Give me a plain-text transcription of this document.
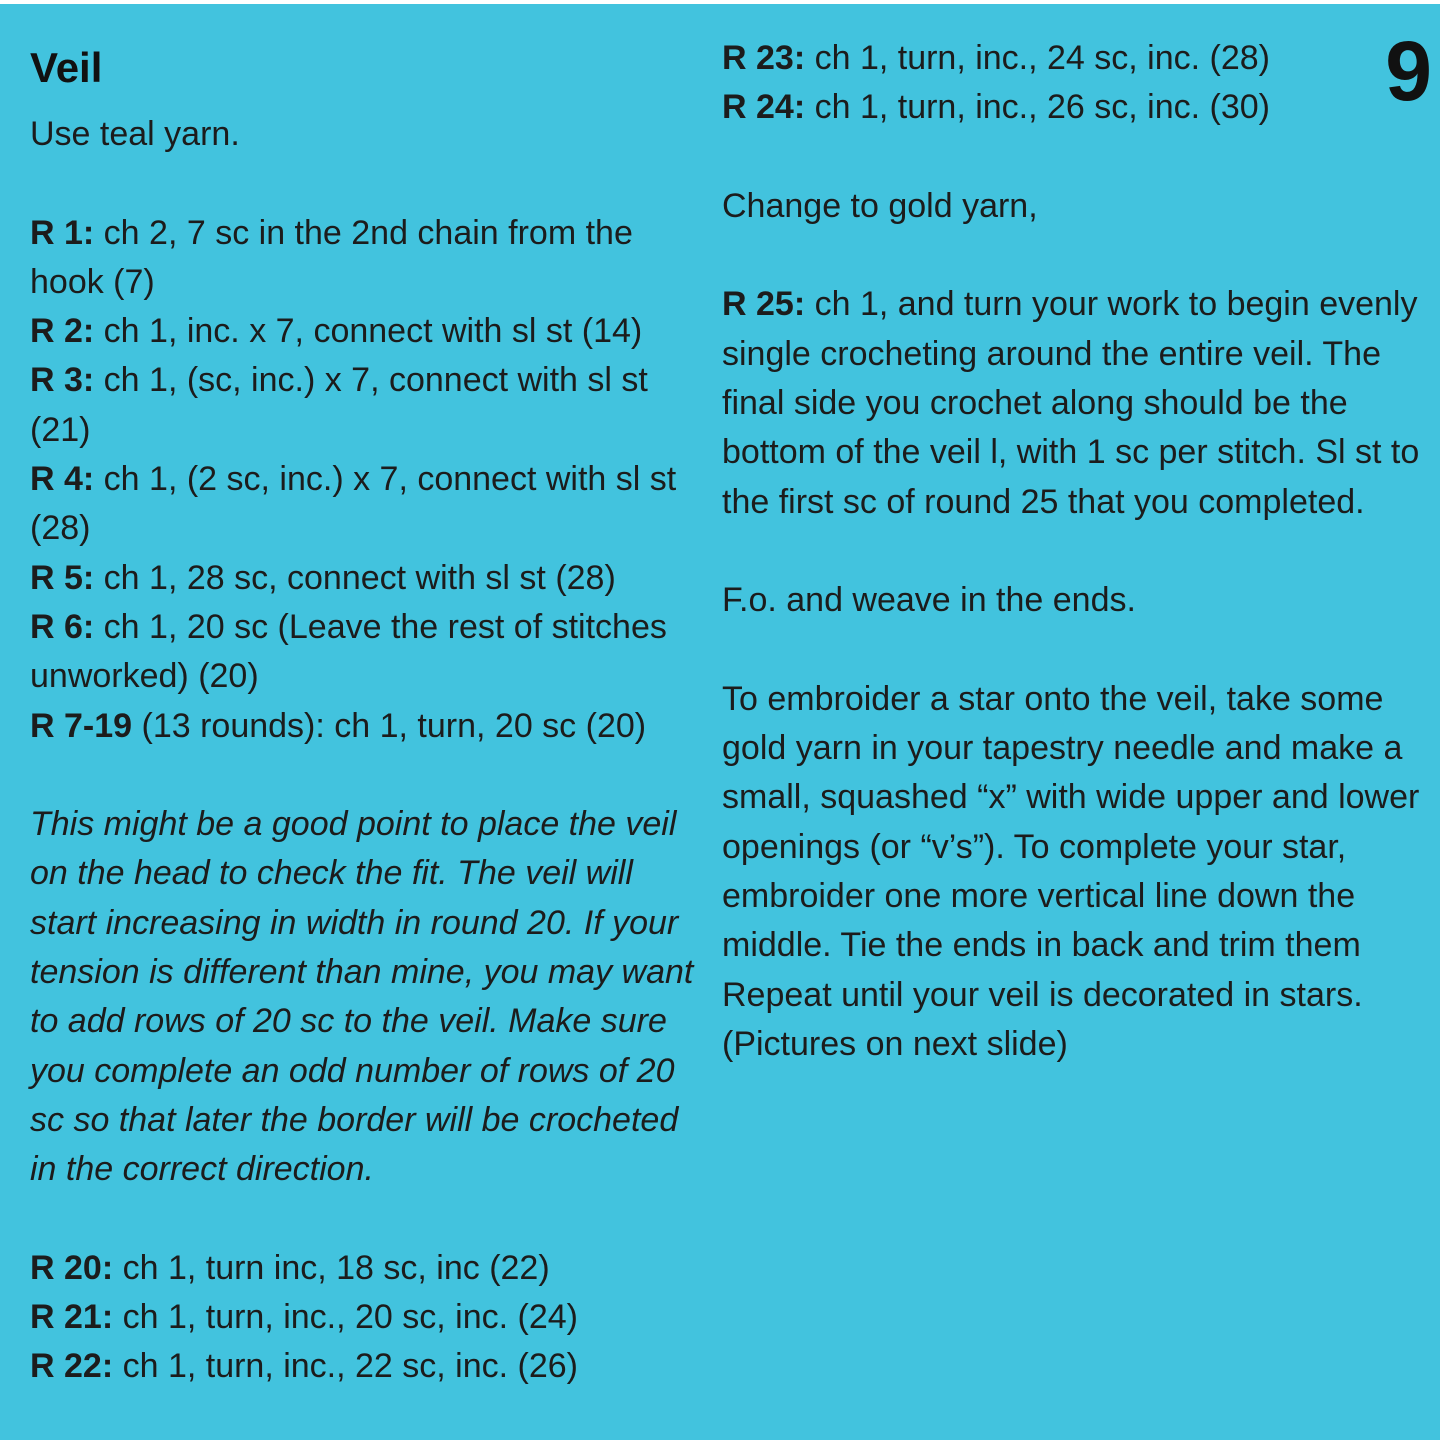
Veil	9

Use teal yarn.

R 1: ch 2, 7 sc in the 2nd chain from the hook (7)

R 2: ch 1, inc. x 7, connect with sl st (14)

R 3: ch 1, (sc, inc.) x 7, connect with sl st (21)

R 4: ch 1, (2 sc, inc.) x 7, connect with sl st (28)

R 5: ch 1, 28 sc, connect with sl st (28)

R 6: ch 1, 20 sc (Leave the rest of stitches unworked) (20)

R 7-19 (13 rounds): ch 1, turn, 20 sc (20)

This might be a good point to place the veil on the head to check the fit. The veil will start increasing in width in round 20. If your tension is different than mine, you may want to add rows of 20 sc to the veil. Make sure you complete an odd number of rows of 20 sc so that later the border will be crocheted in the correct direction.

R 20: ch 1, turn inc, 18 sc, inc (22)

R 21: ch 1, turn, inc., 20 sc, inc. (24)

R 22: ch 1, turn, inc., 22 sc, inc. (26)

R 23: ch 1, turn, inc., 24 sc, inc. (28)

R 24: ch 1, turn, inc., 26 sc, inc. (30)

Change to gold yarn,

R 25: ch 1, and turn your work to begin evenly single crocheting around the entire veil. The final side you crochet along should be the bottom of the veil l, with 1 sc per stitch. Sl st to the first sc of round 25 that you completed.

F.o. and weave in the ends.

To embroider a star onto the veil, take some gold yarn in your tapestry needle and make a small, squashed “x” with wide upper and lower openings (or “v’s”). To complete your star, embroider one more vertical line down the middle. Tie the ends in back and trim them Repeat until your veil is decorated in stars. (Pictures on next slide)
